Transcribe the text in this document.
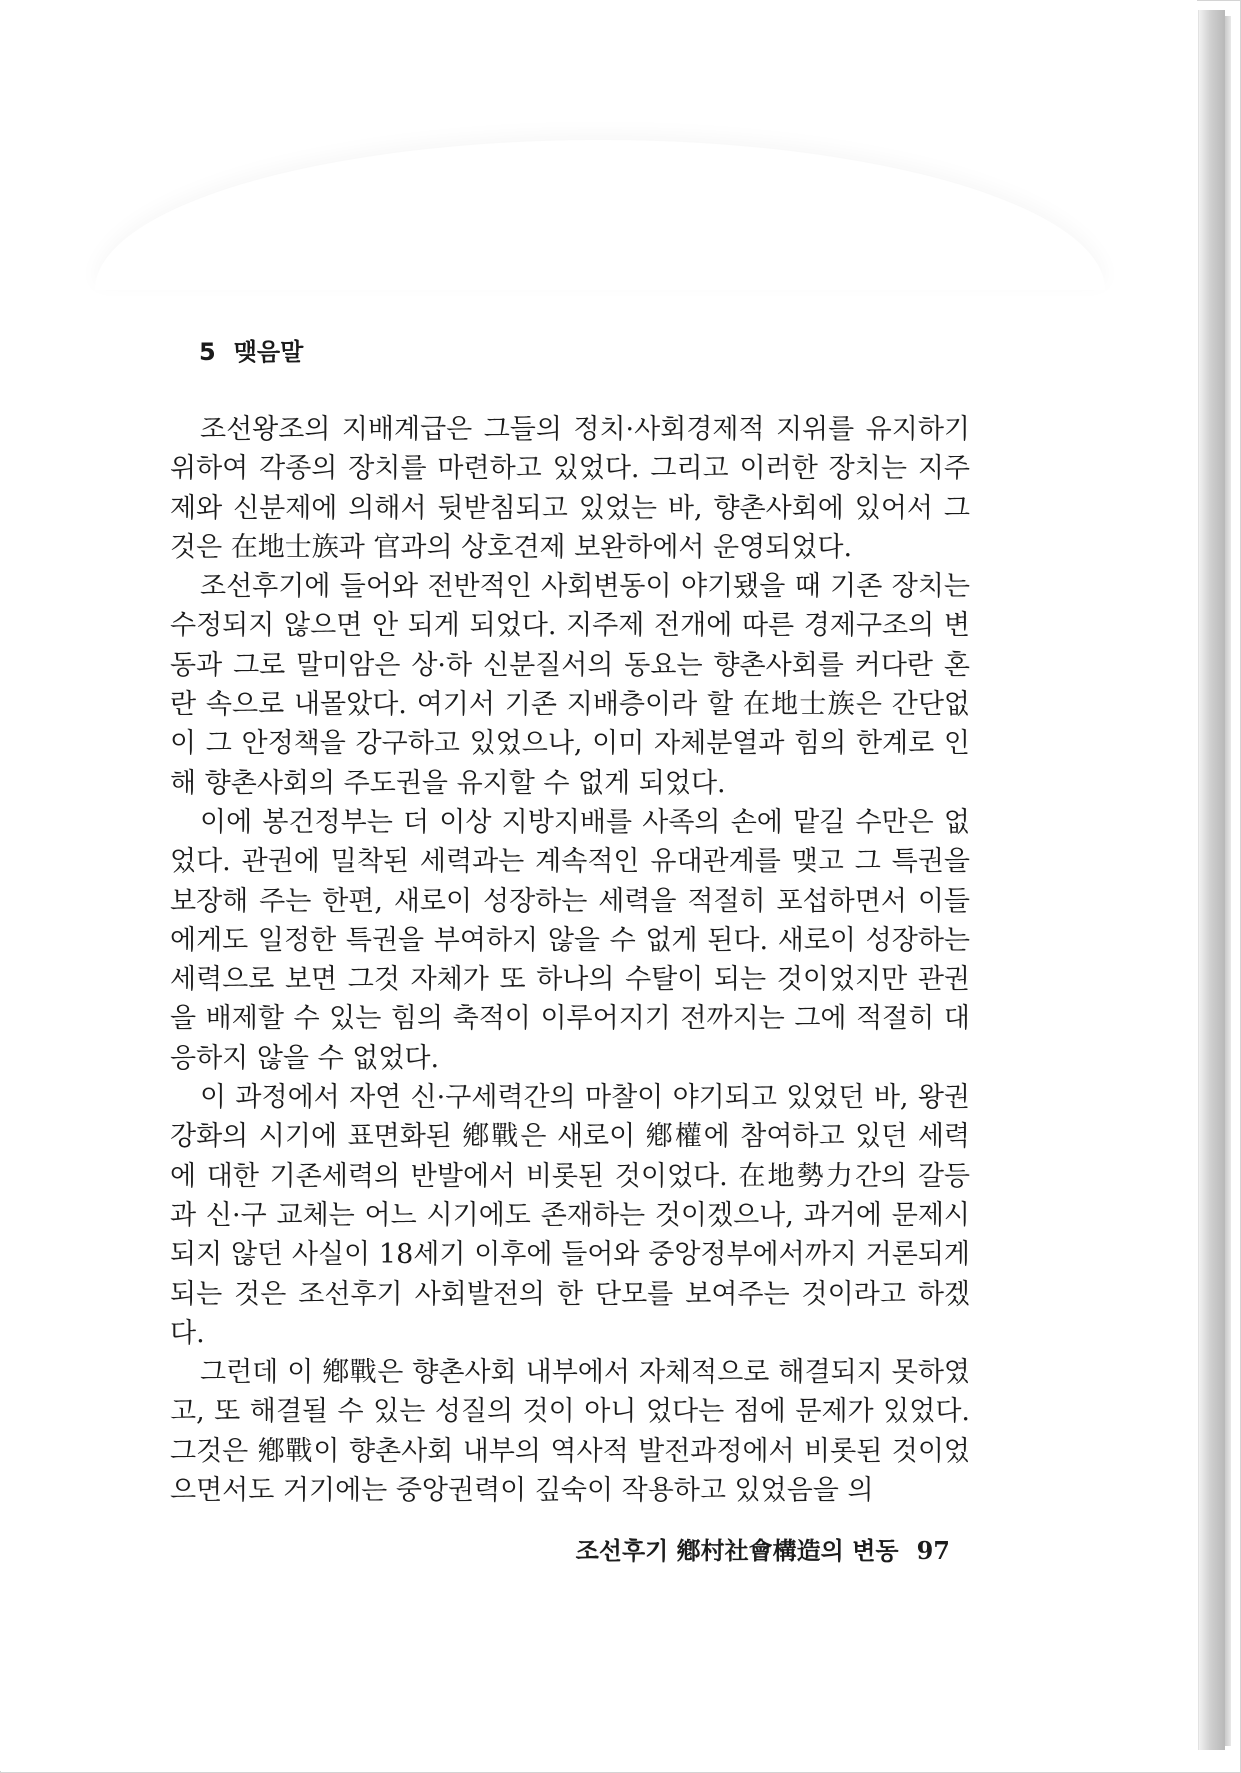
5 맺음말

조선왕조의 지배계급은 그들의 정치·사회경제적 지위를 유지하기 위하여 각종의 장치를 마련하고 있었다. 그리고 이러한 장치는 지주제와 신분제에 의해서 뒷받침되고 있었는 바, 향촌사회에 있어서 그것은 在地士族과 官과의 상호견제 보완하에서 운영되었다.

조선후기에 들어와 전반적인 사회변동이 야기됐을 때 기존 장치는 수정되지 않으면 안 되게 되었다. 지주제 전개에 따른 경제구조의 변동과 그로 말미암은 상·하 신분질서의 동요는 향촌사회를 커다란 혼란 속으로 내몰았다. 여기서 기존 지배층이라 할 在地士族은 간단없이 그 안정책을 강구하고 있었으나, 이미 자체분열과 힘의 한계로 인해 향촌사회의 주도권을 유지할 수 없게 되었다.

이에 봉건정부는 더 이상 지방지배를 사족의 손에 맡길 수만은 없었다. 관권에 밀착된 세력과는 계속적인 유대관계를 맺고 그 특권을 보장해 주는 한편, 새로이 성장하는 세력을 적절히 포섭하면서 이들에게도 일정한 특권을 부여하지 않을 수 없게 된다. 새로이 성장하는 세력으로 보면 그것 자체가 또 하나의 수탈이 되는 것이었지만 관권을 배제할 수 있는 힘의 축적이 이루어지기 전까지는 그에 적절히 대응하지 않을 수 없었다.

이 과정에서 자연 신·구세력간의 마찰이 야기되고 있었던 바, 왕권강화의 시기에 표면화된 鄕戰은 새로이 鄕權에 참여하고 있던 세력에 대한 기존세력의 반발에서 비롯된 것이었다. 在地勢力간의 갈등과 신·구 교체는 어느 시기에도 존재하는 것이겠으나, 과거에 문제시되지 않던 사실이 18세기 이후에 들어와 중앙정부에서까지 거론되게 되는 것은 조선후기 사회발전의 한 단모를 보여주는 것이라고 하겠다.

그런데 이 鄕戰은 향촌사회 내부에서 자체적으로 해결되지 못하였고, 또 해결될 수 있는 성질의 것이 아니 었다는 점에 문제가 있었다. 그것은 鄕戰이 향촌사회 내부의 역사적 발전과정에서 비롯된 것이었으면서도 거기에는 중앙권력이 깊숙이 작용하고 있었음을 의

조선후기 鄕村社會構造의 변동 97
